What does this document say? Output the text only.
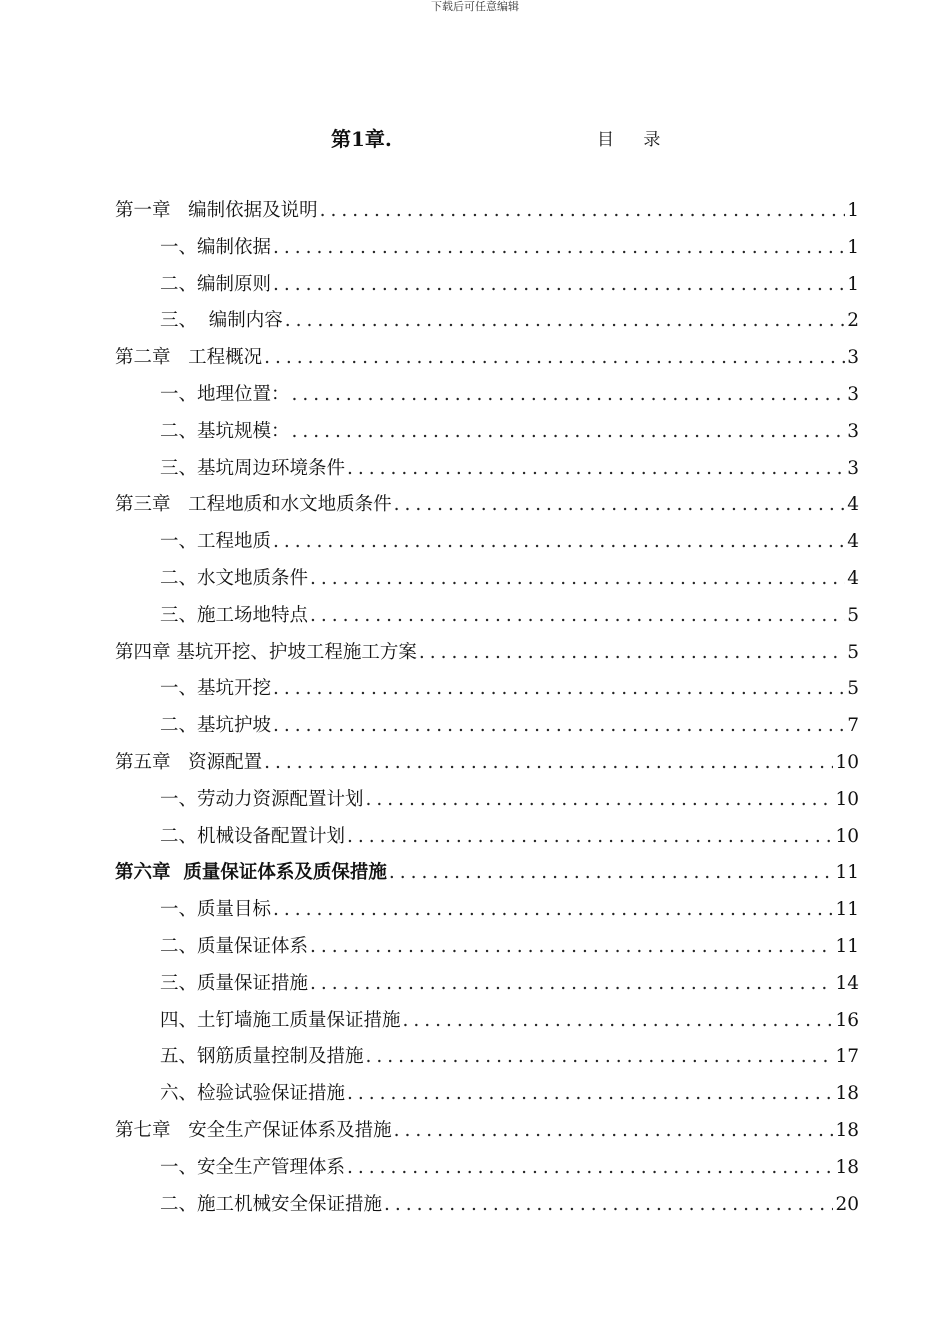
下载后可任意编辑
第1章.	目 录
第一章   编制依据及说明 .....	1
一、编制依据 .....	1
二、编制原则 .....	1
三、  编制内容 .....	2
第二章   工程概况 .....	3
一、地理位置： .....	3
二、基坑规模： .....	3
三、基坑周边环境条件 .....	3
第三章   工程地质和水文地质条件 .....	4
一、工程地质 .....	4
二、水文地质条件 .....	4
三、施工场地特点 .....	5
第四章 基坑开挖、护坡工程施工方案 .....	5
一、基坑开挖 .....	5
二、基坑护坡 .....	7
第五章   资源配置 .....	10
一、劳动力资源配置计划 .....	10
二、机械设备配置计划 .....	10
第六章  质量保证体系及质保措施 .....	11
一、质量目标 .....	11
二、质量保证体系 .....	11
三、质量保证措施 .....	14
四、土钉墙施工质量保证措施 .....	16
五、钢筋质量控制及措施 .....	17
六、检验试验保证措施 .....	18
第七章   安全生产保证体系及措施 .....	18
一、安全生产管理体系 .....	18
二、施工机械安全保证措施 .....	20
